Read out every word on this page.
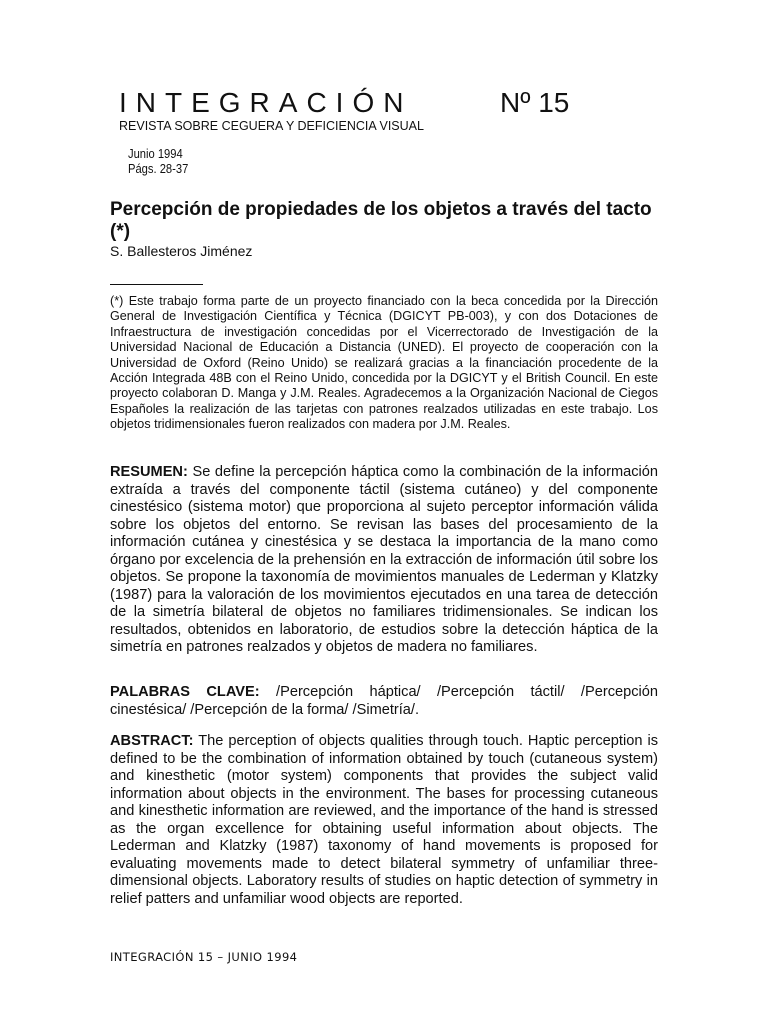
INTEGRACIÓN	Nº 15
REVISTA SOBRE CEGUERA Y DEFICIENCIA VISUAL
Junio 1994
Págs. 28-37
Percepción de propiedades de los objetos a través del tacto (*)
S. Ballesteros Jiménez

(*) Este trabajo forma parte de un proyecto financiado con la beca concedida por la Dirección General de Investigación Científica y Técnica (DGICYT PB-003), y con dos Dotaciones de Infraestructura de investigación concedidas por el Vicerrectorado de Investigación de la Universidad Nacional de Educación a Distancia (UNED). El proyecto de cooperación con la Universidad de Oxford (Reino Unido) se realizará gracias a la financiación procedente de la Acción Integrada 48B con el Reino Unido, concedida por la DGICYT y el British Council. En este proyecto colaboran D. Manga y J.M. Reales. Agradecemos a la Organización Nacional de Ciegos Españoles la realización de las tarjetas con patrones realzados utilizadas en este trabajo. Los objetos tridimensionales fueron realizados con madera por J.M. Reales.

RESUMEN: Se define la percepción háptica como la combinación de la información extraída a través del componente táctil (sistema cutáneo) y del componente cinestésico (sistema motor) que proporciona al sujeto perceptor información válida sobre los objetos del entorno. Se revisan las bases del procesamiento de la información cutánea y cinestésica y se destaca la importancia de la mano como órgano por excelencia de la prehensión en la extracción de información útil sobre los objetos. Se propone la taxonomía de movimientos manuales de Lederman y Klatzky (1987) para la valoración de los movimientos ejecutados en una tarea de detección de la simetría bilateral de objetos no familiares tridimensionales. Se indican los resultados, obtenidos en laboratorio, de estudios sobre la detección háptica de la simetría en patrones realzados y objetos de madera no familiares.

PALABRAS CLAVE: /Percepción háptica/ /Percepción táctil/ /Percepción cinestésica/ /Percepción de la forma/ /Simetría/.

ABSTRACT: The perception of objects qualities through touch. Haptic perception is defined to be the combination of information obtained by touch (cutaneous system) and kinesthetic (motor system) components that provides the subject valid information about objects in the environment. The bases for processing cutaneous and kinesthetic information are reviewed, and the importance of the hand is stressed as the organ excellence for obtaining useful information about objects. The Lederman and Klatzky (1987) taxonomy of hand movements is proposed for evaluating movements made to detect bilateral symmetry of unfamiliar three-dimensional objects. Laboratory results of studies on haptic detection of symmetry in relief patters and unfamiliar wood objects are reported.

INTEGRACIÓN 15 – JUNIO 1994
